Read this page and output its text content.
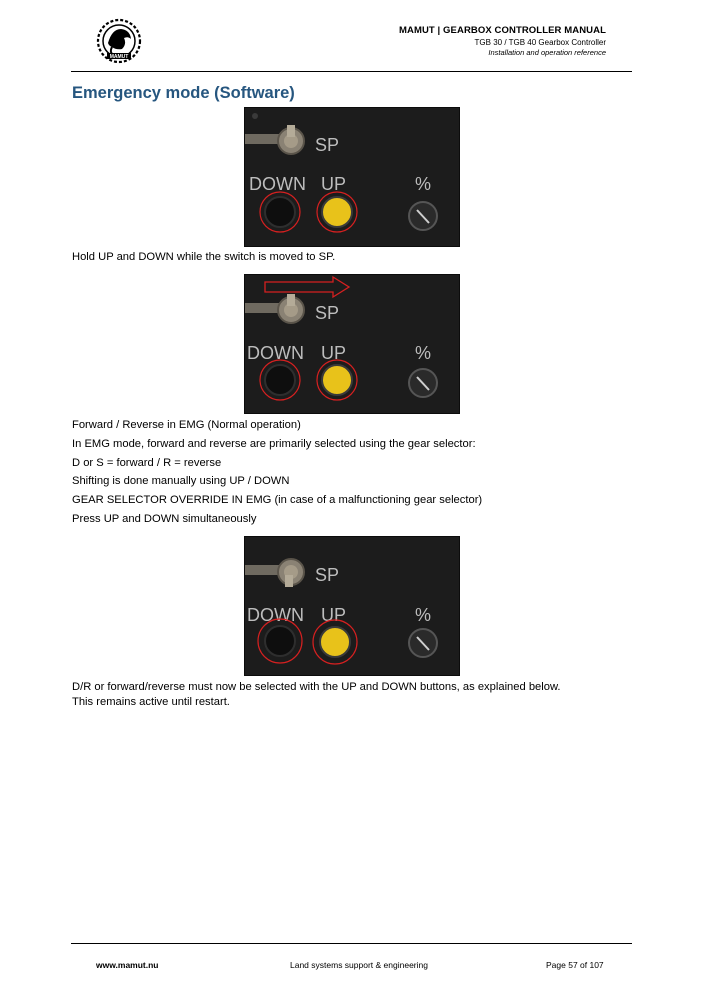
MAMUT
MAMUT | GEARBOX CONTROLLER MANUAL
TGB 30 / TGB 40 Gearbox Controller
Installation and operation reference
Emergency mode (Software)
SP
DOWN UP	%
Hold UP and DOWN while the switch is moved to SP.
SP
DOWN UP	%
Forward / Reverse in EMG (Normal operation)
In EMG mode, forward and reverse are primarily selected using the gear selector:
D or S = forward / R = reverse
Shifting is done manually using UP / DOWN
GEAR SELECTOR OVERRIDE IN EMG (in case of a malfunctioning gear selector)
Press UP and DOWN simultaneously
SP
DOWN UP	%
D/R or forward/reverse must now be selected with the UP and DOWN buttons, as explained below.
This remains active until restart.
www.mamut.nu	Land systems support & engineering	Page 57 of 107
